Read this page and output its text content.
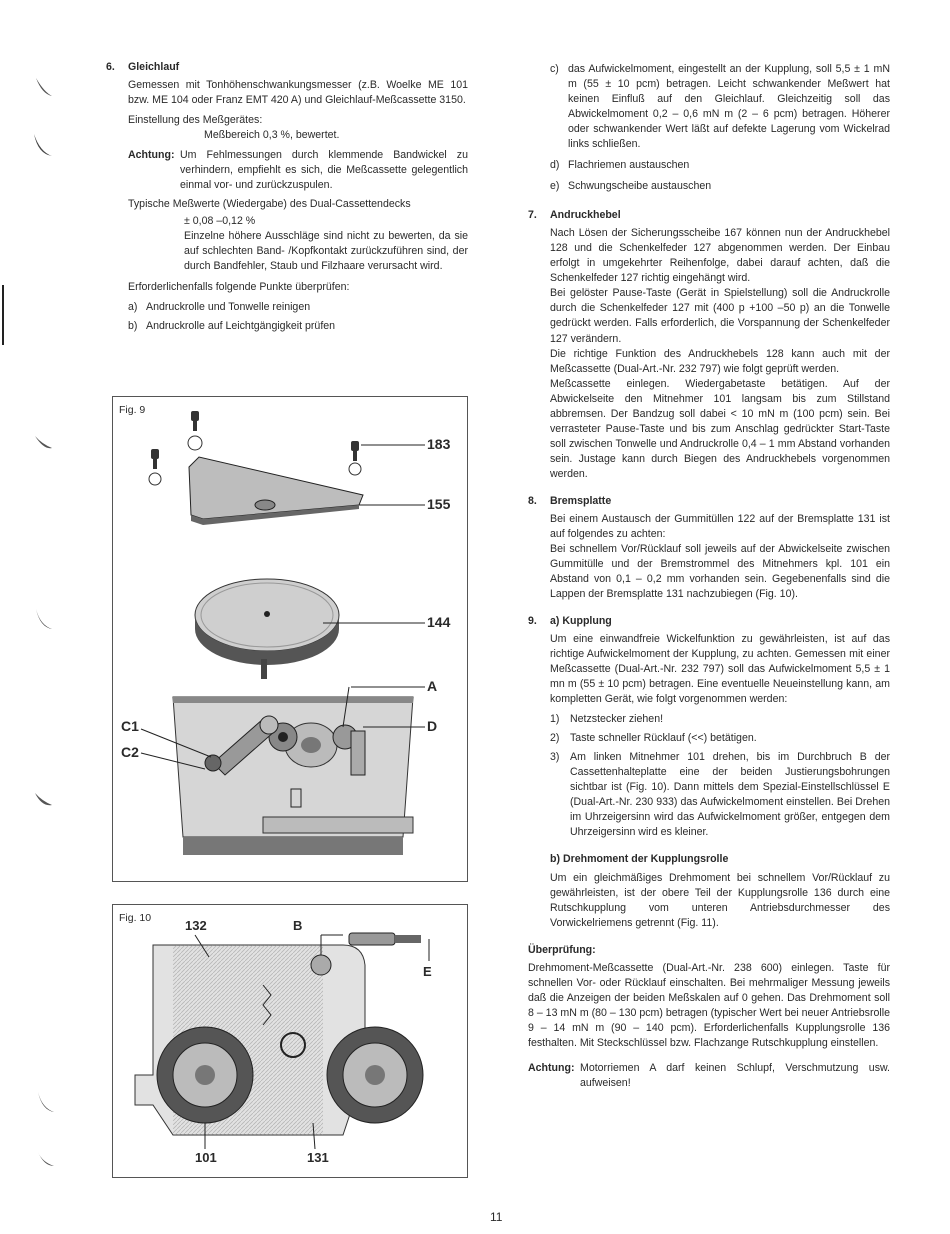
6. Gleichlauf

Gemessen mit Tonhöhenschwankungsmesser (z.B. Woelke ME 101 bzw. ME 104 oder Franz EMT 420 A) und Gleichlauf-Meßcassette 3150.

Einstellung des Meßgerätes:

Meßbereich 0,3 %, bewertet.

Achtung: Um Fehlmessungen durch klemmende Bandwickel zu verhindern, empfiehlt es sich, die Meßcassette gelegentlich einmal vor- und zurückzuspulen.

Typische Meßwerte (Wiedergabe) des Dual-Cassettendecks

± 0,08 –0,12 %

Einzelne höhere Ausschläge sind nicht zu bewerten, da sie auf schlechten Band- /Kopfkontakt zurückzuführen sind, der durch Bandfehler, Staub und Filzhaare verursacht wird.

Erforderlichenfalls folgende Punkte überprüfen:

a) Andruckrolle und Tonwelle reinigen
b) Andruckrolle auf Leichtgängigkeit prüfen
Fig. 9
183
155
144
A
D
C1
C2
Fig. 10	132	B
E
101	131
c) das Aufwickelmoment, eingestellt an der Kupplung, soll 5,5 ± 1 mN m (55 ± 10 pcm) betragen. Leicht schwankender Meßwert hat keinen Einfluß auf den Gleichlauf. Gleichzeitig soll das Abwickelmoment 0,2 – 0,6 mN m (2 – 6 pcm) betragen. Höherer oder schwankender Wert läßt auf defekte Lagerung vom Wickelrad links schließen.
d) Flachriemen austauschen
e) Schwungscheibe austauschen
7. Andruckhebel

Nach Lösen der Sicherungsscheibe 167 können nun der Andruckhebel 128 und die Schenkelfeder 127 abgenommen werden. Der Einbau erfolgt in umgekehrter Reihenfolge, dabei darauf achten, daß die Schenkelfeder 127 richtig eingehängt wird.

Bei gelöster Pause-Taste (Gerät in Spielstellung) soll die Andruckrolle durch die Schenkelfeder 127 mit (400 p +100 –50 p) an die Tonwelle gedrückt werden. Falls erforderlich, die Vorspannung der Schenkelfeder 127 verändern.

Die richtige Funktion des Andruckhebels 128 kann auch mit der Meßcassette (Dual-Art.-Nr. 232 797) wie folgt geprüft werden.

Meßcassette einlegen. Wiedergabetaste betätigen. Auf der Abwickelseite den Mitnehmer 101 langsam bis zum Stillstand abbremsen. Der Bandzug soll dabei < 10 mN m (100 pcm) sein. Bei verrasteter Pause-Taste und bis zum Anschlag gedrückter Start-Taste soll zwischen Tonwelle und Andruckrolle 0,4 – 1 mm Abstand vorhanden sein. Justage kann durch Biegen des Andruckhebels vorgenommen werden.

8. Bremsplatte

Bei einem Austausch der Gummitüllen 122 auf der Bremsplatte 131 ist auf folgendes zu achten:

Bei schnellem Vor/Rücklauf soll jeweils auf der Abwickelseite zwischen Gummitülle und der Bremstrommel des Mitnehmers kpl. 101 ein Abstand von 0,1 – 0,2 mm vorhanden sein. Gegebenenfalls sind die Lappen der Bremsplatte 131 nachzubiegen (Fig. 10).

9. a) Kupplung

Um eine einwandfreie Wickelfunktion zu gewährleisten, ist auf das richtige Aufwickelmoment der Kupplung, zu achten. Gemessen mit einer Meßcassette (Dual-Art.-Nr. 232 797) soll das Aufwickelmoment 5,5 ± 1 mn m (55 ± 10 pcm) betragen. Eine eventuelle Neueinstellung kann, am kompletten Gerät, wie folgt vorgenommen werden:

1) Netzstecker ziehen!
2) Taste schneller Rücklauf (<<) betätigen.
3) Am linken Mitnehmer 101 drehen, bis im Durchbruch B der Cassettenhalteplatte eine der beiden Justierungsbohrungen sichtbar ist (Fig. 10). Dann mittels dem Spezial-Einstellschlüssel E (Dual-Art.-Nr. 230 933) das Aufwickelmoment einstellen. Bei Drehen im Uhrzeigersinn wird das Aufwickelmoment größer, entgegen dem Uhrzeigersinn wird es kleiner.
b) Drehmoment der Kupplungsrolle

Um ein gleichmäßiges Drehmoment bei schnellem Vor/Rücklauf zu gewährleisten, ist der obere Teil der Kupplungsrolle 136 durch eine Rutschkupplung vom unteren Antriebsdurchmesser des Vorwickelriemens getrennt (Fig. 11).

Überprüfung:

Drehmoment-Meßcassette (Dual-Art.-Nr. 238 600) einlegen. Taste für schnellen Vor- oder Rücklauf einschalten. Bei mehrmaliger Messung jeweils daß die Anzeigen der beiden Meßskalen auf 0 gehen. Das Drehmoment soll 8 – 13 mN m (80 – 130 pcm) betragen (typischer Wert bei neuer Antriebsrolle 9 – 14 mN m (90 – 140 pcm). Erforderlichenfalls Kupplungsrolle 136 festhalten. Mit Steckschlüssel bzw. Flachzange Rutschkupplung einstellen.

Achtung: Motorriemen A darf keinen Schlupf, Verschmutzung usw. aufweisen!
11
